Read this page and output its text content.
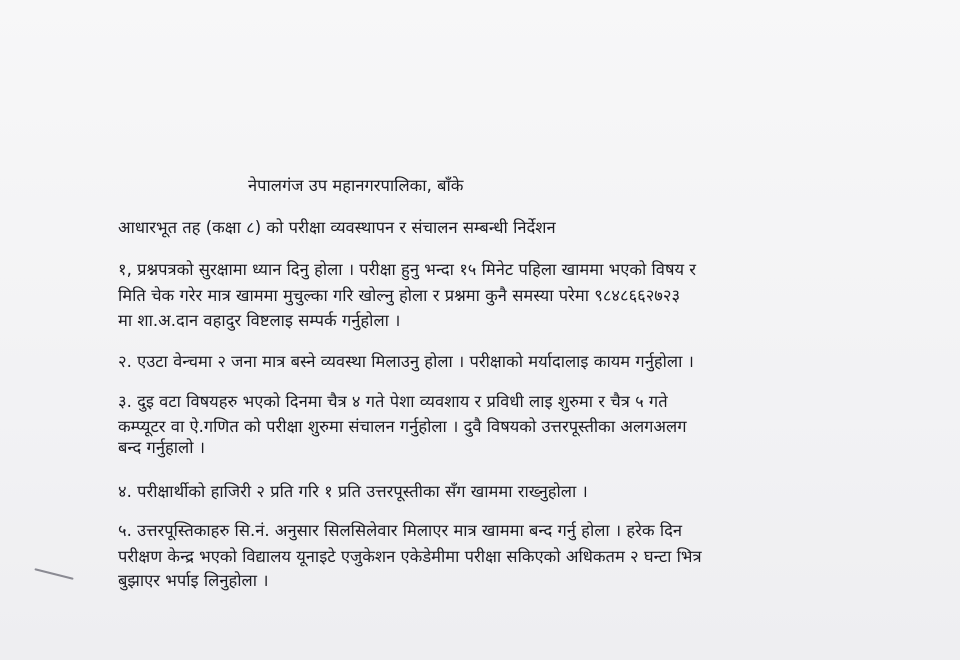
नेपालगंज उप महानगरपालिका, बाँके
आधारभूत तह (कक्षा ८) को परीक्षा व्यवस्थापन र संचालन सम्बन्धी निर्देशन
१, प्रश्नपत्रको सुरक्षामा ध्यान दिनु होला । परीक्षा हुनु भन्दा १५ मिनेट पहिला खाममा भएको विषय र
मिति चेक गरेर मात्र खाममा मुचुल्का गरि खोल्नु होला र प्रश्नमा कुनै समस्या परेमा ९८४८६६२७२३
मा शा.अ.दान वहादुर विष्टलाइ सम्पर्क गर्नुहोला ।
२. एउटा वेन्चमा २ जना मात्र बस्ने व्यवस्था मिलाउनु होला । परीक्षाको मर्यादालाइ कायम गर्नुहोला ।
३. दुइ वटा विषयहरु भएको दिनमा चैत्र ४ गते पेशा व्यवशाय र प्रविधी लाइ शुरुमा र चैत्र ५ गते
कम्प्यूटर वा ऐ.गणित को परीक्षा शुरुमा संचालन गर्नुहोला । दुवै विषयको उत्तरपूस्तीका अलगअलग
बन्द गर्नुहालो ।
४. परीक्षार्थीको हाजिरी २ प्रति गरि १ प्रति उत्तरपूस्तीका सँग खाममा राख्नुहोला ।
५. उत्तरपूस्तिकाहरु सि.नं. अनुसार सिलसिलेवार मिलाएर मात्र खाममा बन्द गर्नु होला । हरेक दिन
परीक्षण केन्द्र भएको विद्यालय यूनाइटे एजुकेशन एकेडेमीमा परीक्षा सकिएको अधिकतम २ घन्टा भित्र
बुझाएर भर्पाइ लिनुहोला ।
